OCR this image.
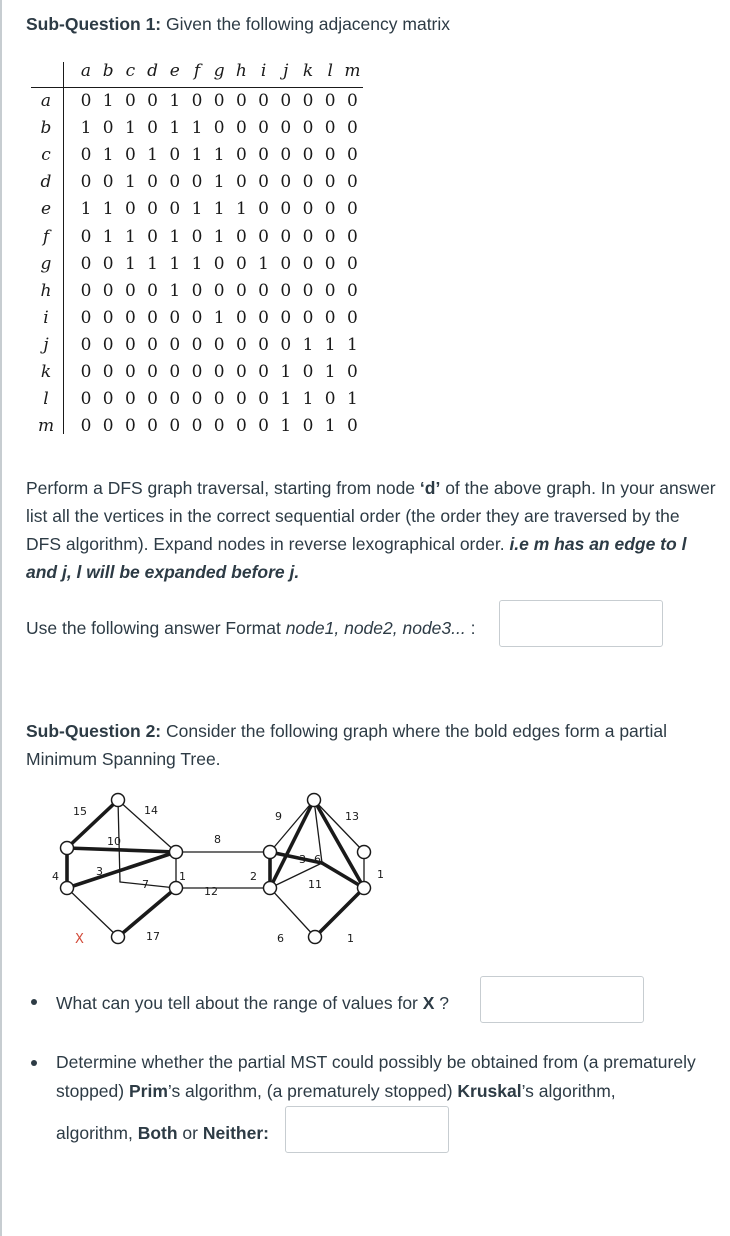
Sub-Question 1: Given the following adjacency matrix
a b c d e f g h i j k l m
a	0 1 0 0 1 0 0 0 0 0 0 0 0
b	1 0 1 0 1 1 0 0 0 0 0 0 0
c	0 1 0 1 0 1 1 0 0 0 0 0 0
d	0 0 1 0 0 0 1 0 0 0 0 0 0
e	1 1 0 0 0 1 1 1 0 0 0 0 0
f	0 1 1 0 1 0 1 0 0 0 0 0 0
g	0 0 1 1 1 1 0 0 1 0 0 0 0
h	0 0 0 0 1 0 0 0 0 0 0 0 0
i	0 0 0 0 0 0 1 0 0 0 0 0 0
j	0 0 0 0 0 0 0 0 0 0 1 1 1
k	0 0 0 0 0 0 0 0 0 1 0 1 0
l	0 0 0 0 0 0 0 0 0 1 1 0 1
m	0 0 0 0 0 0 0 0 0 1 0 1 0
Perform a DFS graph traversal, starting from node ‘d’ of the above graph. In your answer list all the vertices in the correct sequential order (the order they are traversed by the DFS algorithm). Expand nodes in reverse lexographical order. i.e m has an edge to l and j, l will be expanded before j.
Use the following answer Format node1, node2, node3... :
Sub-Question 2: Consider the following graph where the bold edges form a partial Minimum Spanning Tree.
15	14
10	8
9	13
4	3
7
1
12
2
3 6
11
1
X	17	6	1
What can you tell about the range of values for X ?
Determine whether the partial MST could possibly be obtained from (a prematurely stopped) Prim’s algorithm, (a prematurely stopped) Kruskal’s algorithm,
algorithm, Both or Neither:
